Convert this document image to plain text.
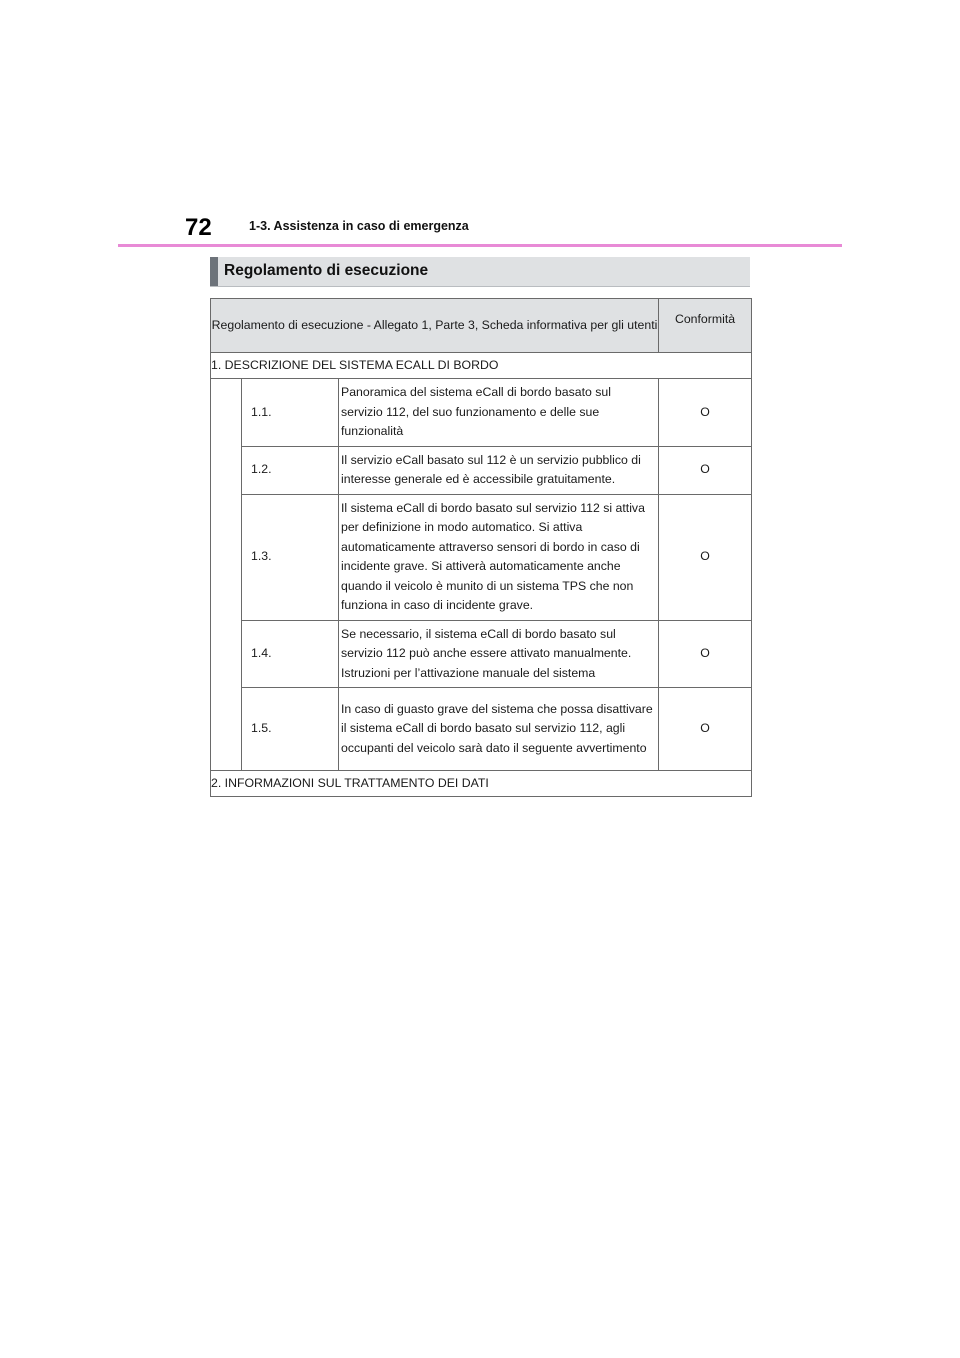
72	1-3. Assistenza in caso di emergenza
Regolamento di esecuzione
Regolamento di esecuzione - Allegato 1, Parte 3, Scheda informativa per gli utenti			Conformità
1. DESCRIZIONE DEL SISTEMA ECALL DI BORDO			
	1.1.	Panoramica del sistema eCall di bordo basato sul servizio 112, del suo funzionamento e delle sue funzionalità	O
	1.2.	Il servizio eCall basato sul 112 è un servizio pubblico di interesse generale ed è accessibile gratuitamente.	O
	1.3.	Il sistema eCall di bordo basato sul servizio 112 si attiva per definizione in modo automatico. Si attiva automaticamente attraverso sensori di bordo in caso di incidente grave. Si attiverà automaticamente anche quando il veicolo è munito di un sistema TPS che non funziona in caso di incidente grave.	O
	1.4.	Se necessario, il sistema eCall di bordo basato sul servizio 112 può anche essere attivato manualmente. Istruzioni per l’attivazione manuale del sistema	O
	1.5.	In caso di guasto grave del sistema che possa disattivare il sistema eCall di bordo basato sul servizio 112, agli occupanti del veicolo sarà dato il seguente avvertimento	O
2. INFORMAZIONI SUL TRATTAMENTO DEI DATI			
